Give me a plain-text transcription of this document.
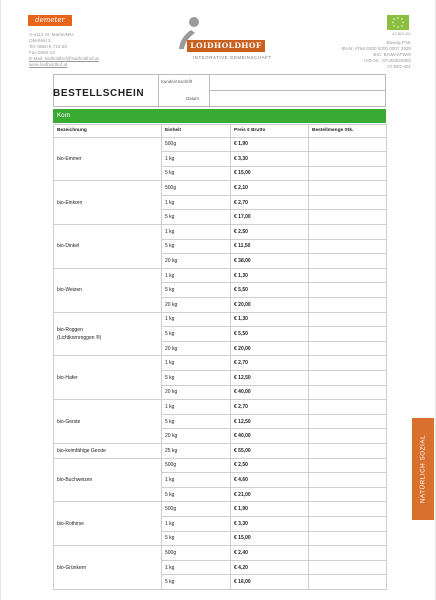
demeter
A-4113 St. Martin/Mkr.
Oberfeld 3
Tel. 0660 8 715 63
Fax 0660-13
E-Mail: loidholdhof@loidholdhof.at
www.loidholdhof.at
LOIDHOLDHOF
INTEGRATIVE GEMEINSCHAFT
AT-BIO-401
Bawag PSK
IBAN: AT66 6000 0000 0007 2928
BIC: BAWAATWW
UID-Nr.: ATU52626902
AT-BIO-401
BESTELLSCHEIN
Kunde/Anschrift
Datum
Korn
Bezeichnung	Einheit	Preis € Brutto	Bestellmenge Stk.

bio-Emmer	500g	€ 1,90	
	1 kg	€ 3,30	
	5 kg	€ 15,00	

bio-Einkorn	500g	€ 2,10	
	1 kg	€ 2,70	
	5 kg	€ 17,00	

bio-Dinkel	1 kg	€ 2,50	
	5 kg	€ 11,50	
	20 kg	€ 38,00	

bio-Weizen	1 kg	€ 1,30	
	5 kg	€ 5,50	
	20 kg	€ 20,00	

bio-Roggen
(Lichtkornroggen ®)	1 kg	€ 1,30	
	5 kg	€ 5,50	
	20 kg	€ 20,00	

bio-Hafer	1 kg	€ 2,70	
	5 kg	€ 12,50	
	20 kg	€ 40,00	

bio-Gerste	1 kg	€ 2,70	
	5 kg	€ 12,50	
	20 kg	€ 40,00	

bio-keimfähige Gerste	25 kg	€ 55,00	

bio-Buchweizen	500g	€ 2,50	
	1 kg	€ 4,60	
	5 kg	€ 21,00	

bio-Rothirse	500g	€ 1,90	
	1 kg	€ 3,30	
	5 kg	€ 15,00	

bio-Grünkern	500g	€ 2,40	
	1 kg	€ 4,20	
	5 kg	€ 16,00	
NATÜRLICH SOZIAL
